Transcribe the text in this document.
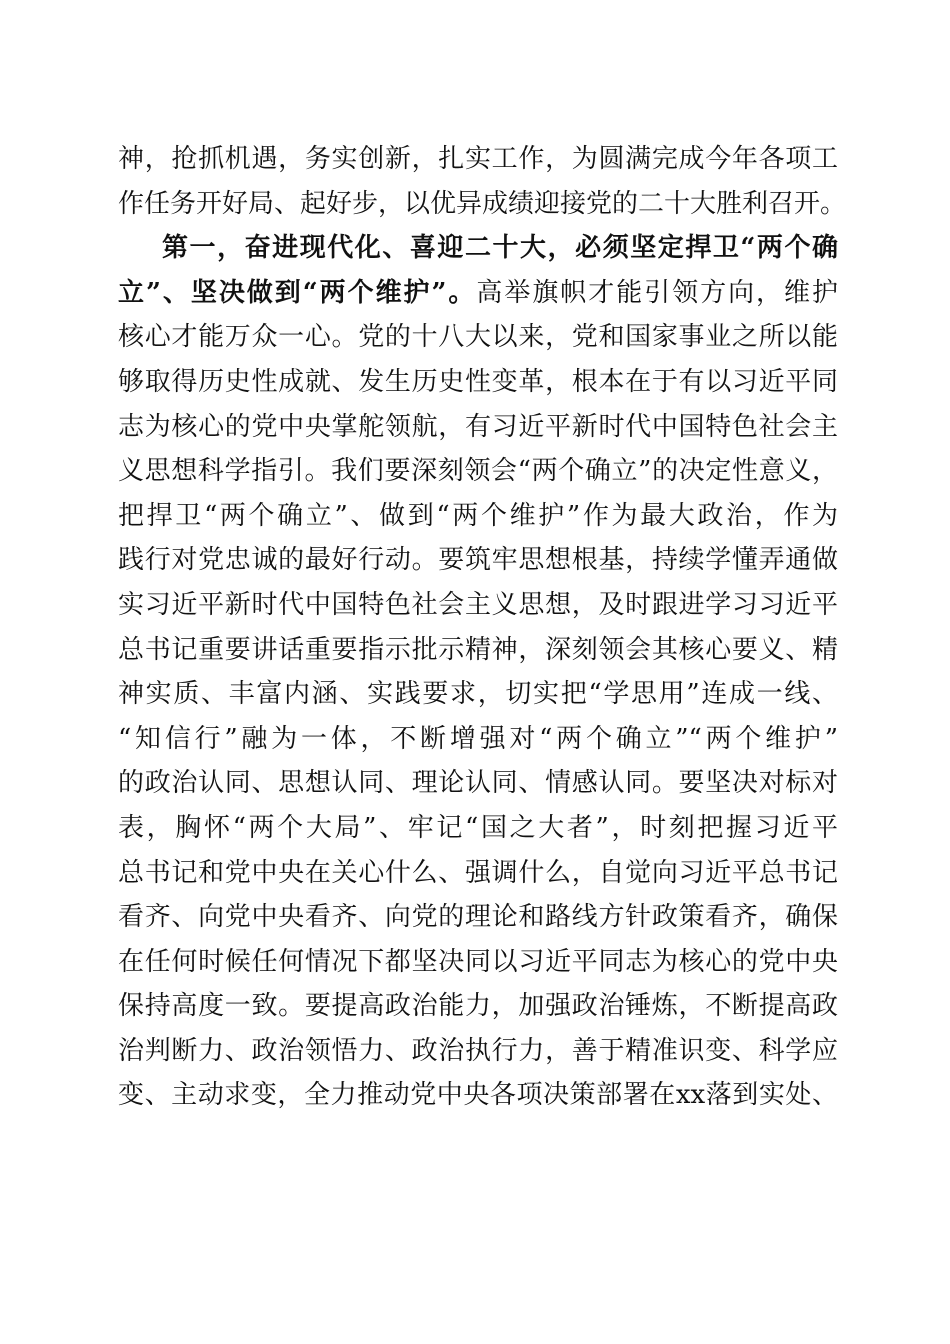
神，抢抓机遇，务实创新，扎实工作，为圆满完成今年各项工
作任务开好局、起好步，以优异成绩迎接党的二十大胜利召开。
第一，奋进现代化、喜迎二十大，必须坚定捍卫“两个确
立”、坚决做到“两个维护”。高举旗帜才能引领方向，维护
核心才能万众一心。党的十八大以来，党和国家事业之所以能
够取得历史性成就、发生历史性变革，根本在于有以习近平同
志为核心的党中央掌舵领航，有习近平新时代中国特色社会主
义思想科学指引。我们要深刻领会“两个确立”的决定性意义，
把捍卫“两个确立”、做到“两个维护”作为最大政治，作为
践行对党忠诚的最好行动。要筑牢思想根基，持续学懂弄通做
实习近平新时代中国特色社会主义思想，及时跟进学习习近平
总书记重要讲话重要指示批示精神，深刻领会其核心要义、精
神实质、丰富内涵、实践要求，切实把“学思用”连成一线、
“知信行”融为一体，不断增强对“两个确立”“两个维护”
的政治认同、思想认同、理论认同、情感认同。要坚决对标对
表，胸怀“两个大局”、牢记“国之大者”，时刻把握习近平
总书记和党中央在关心什么、强调什么，自觉向习近平总书记
看齐、向党中央看齐、向党的理论和路线方针政策看齐，确保
在任何时候任何情况下都坚决同以习近平同志为核心的党中央
保持高度一致。要提高政治能力，加强政治锤炼，不断提高政
治判断力、政治领悟力、政治执行力，善于精准识变、科学应
变、主动求变，全力推动党中央各项决策部署在xx落到实处、
